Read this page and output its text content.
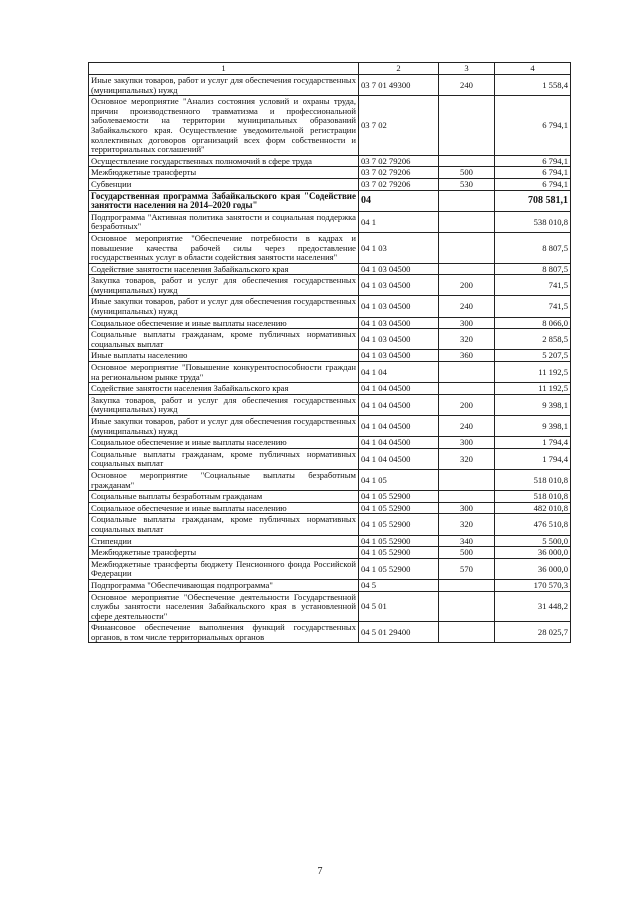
1	2	3	4
Иные закупки товаров, работ и услуг для обеспечения государственных (муниципальных) нужд	03 7 01 49300	240	1 558,4
Основное мероприятие "Анализ состояния условий и охраны труда, причин производственного травматизма и профессиональной заболеваемости на территории муниципальных образований Забайкальского края. Осуществление уведомительной регистрации коллективных договоров организаций всех форм собственности и территориальных соглашений"	03 7 02		6 794,1
Осуществление государственных полномочий в сфере труда	03 7 02 79206		6 794,1
Межбюджетные трансферты	03 7 02 79206	500	6 794,1
Субвенции	03 7 02 79206	530	6 794,1
Государственная программа Забайкальского края "Содействие занятости населения на 2014–2020 годы"	04		708 581,1
Подпрограмма "Активная политика занятости и социальная поддержка безработных"	04 1		538 010,8
Основное мероприятие "Обеспечение потребности в кадрах и повышение качества рабочей силы через предоставление государственных услуг в области содействия занятости населения"	04 1 03		8 807,5
Содействие занятости населения Забайкальского края	04 1 03 04500		8 807,5
Закупка товаров, работ и услуг для обеспечения государственных (муниципальных) нужд	04 1 03 04500	200	741,5
Иные закупки товаров, работ и услуг для обеспечения государственных (муниципальных) нужд	04 1 03 04500	240	741,5
Социальное обеспечение и иные выплаты населению	04 1 03 04500	300	8 066,0
Социальные выплаты гражданам, кроме публичных нормативных социальных выплат	04 1 03 04500	320	2 858,5
Иные выплаты населению	04 1 03 04500	360	5 207,5
Основное мероприятие "Повышение конкурентоспособности граждан на региональном рынке труда"	04 1 04		11 192,5
Содействие занятости населения Забайкальского края	04 1 04 04500		11 192,5
Закупка товаров, работ и услуг для обеспечения государственных (муниципальных) нужд	04 1 04 04500	200	9 398,1
Иные закупки товаров, работ и услуг для обеспечения государственных (муниципальных) нужд	04 1 04 04500	240	9 398,1
Социальное обеспечение и иные выплаты населению	04 1 04 04500	300	1 794,4
Социальные выплаты гражданам, кроме публичных нормативных социальных выплат	04 1 04 04500	320	1 794,4
Основное мероприятие "Социальные выплаты безработным гражданам"	04 1 05		518 010,8
Социальные выплаты безработным гражданам	04 1 05 52900		518 010,8
Социальное обеспечение и иные выплаты населению	04 1 05 52900	300	482 010,8
Социальные выплаты гражданам, кроме публичных нормативных социальных выплат	04 1 05 52900	320	476 510,8
Стипендии	04 1 05 52900	340	5 500,0
Межбюджетные трансферты	04 1 05 52900	500	36 000,0
Межбюджетные трансферты бюджету Пенсионного фонда Российской Федерации	04 1 05 52900	570	36 000,0
Подпрограмма "Обеспечивающая подпрограмма"	04 5		170 570,3
Основное мероприятие "Обеспечение деятельности Государственной службы занятости населения Забайкальского края в установленной сфере деятельности"	04 5 01		31 448,2
Финансовое обеспечение выполнения функций государственных органов, в том числе территориальных органов	04 5 01 29400		28 025,7
7
